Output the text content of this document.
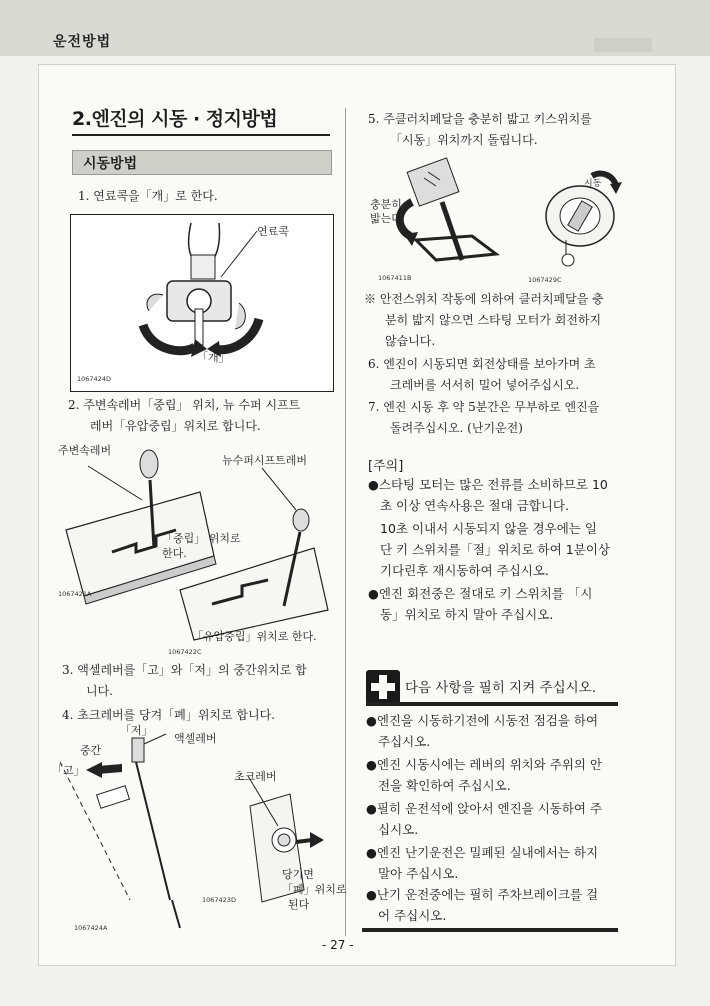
운전방법
2.엔진의 시동 · 정지방법
시동방법
1. 연료콕을「개」로 한다.
연료콕
「개」
1067424D
2. 주변속레버「중립」 위치, 뉴 수퍼 시프트
레버「유압중립」위치로 합니다.
주변속레버
뉴수퍼시프트레버
「중립」 위치로
한다.
1067421A
「유압중립」위치로 한다.
1067422C
3. 액셀레버를「고」와「저」의 중간위치로 합
니다.
4. 초크레버를 당겨「폐」위치로 합니다.
「저」
액셀레버
중간
「고」	초크레버
당기면
「폐」위치로
된다
1067423D
1067424A
5. 주클러치페달을 충분히 밟고 키스위치를
「시동」위치까지 돌립니다.
충분히
밟는다
시동
1067411B	1067429C
※ 안전스위치 작동에 의하여 클러치페달을 충
분히 밟지 않으면 스타팅 모터가 회전하지
않습니다.
6. 엔진이 시동되면 회전상태를 보아가며 초
크레버를 서서히 밀어 넣어주십시오.
7. 엔진 시동 후 약 5분간은 무부하로 엔진을
돌려주십시오. (난기운전)
[주의]
●스타팅 모터는 많은 전류를 소비하므로 10
초 이상 연속사용은 절대 금합니다.
10초 이내서 시동되지 않을 경우에는 일
단 키 스위치를「절」위치로 하여 1분이상
기다린후 재시동하여 주십시오.
●엔진 회전중은 절대로 키 스위치를 「시
동」위치로 하지 말아 주십시오.
다음 사항을 필히 지켜 주십시오.
●엔진을 시동하기전에 시동전 점검을 하여
주십시오.
●엔진 시동시에는 레버의 위치와 주위의 안
전을 확인하여 주십시오.
●필히 운전석에 앉아서 엔진을 시동하여 주
십시오.
●엔진 난기운전은 밀폐된 실내에서는 하지
말아 주십시오.
●난기 운전중에는 필히 주차브레이크를 걸
어 주십시오.
- 27 -
